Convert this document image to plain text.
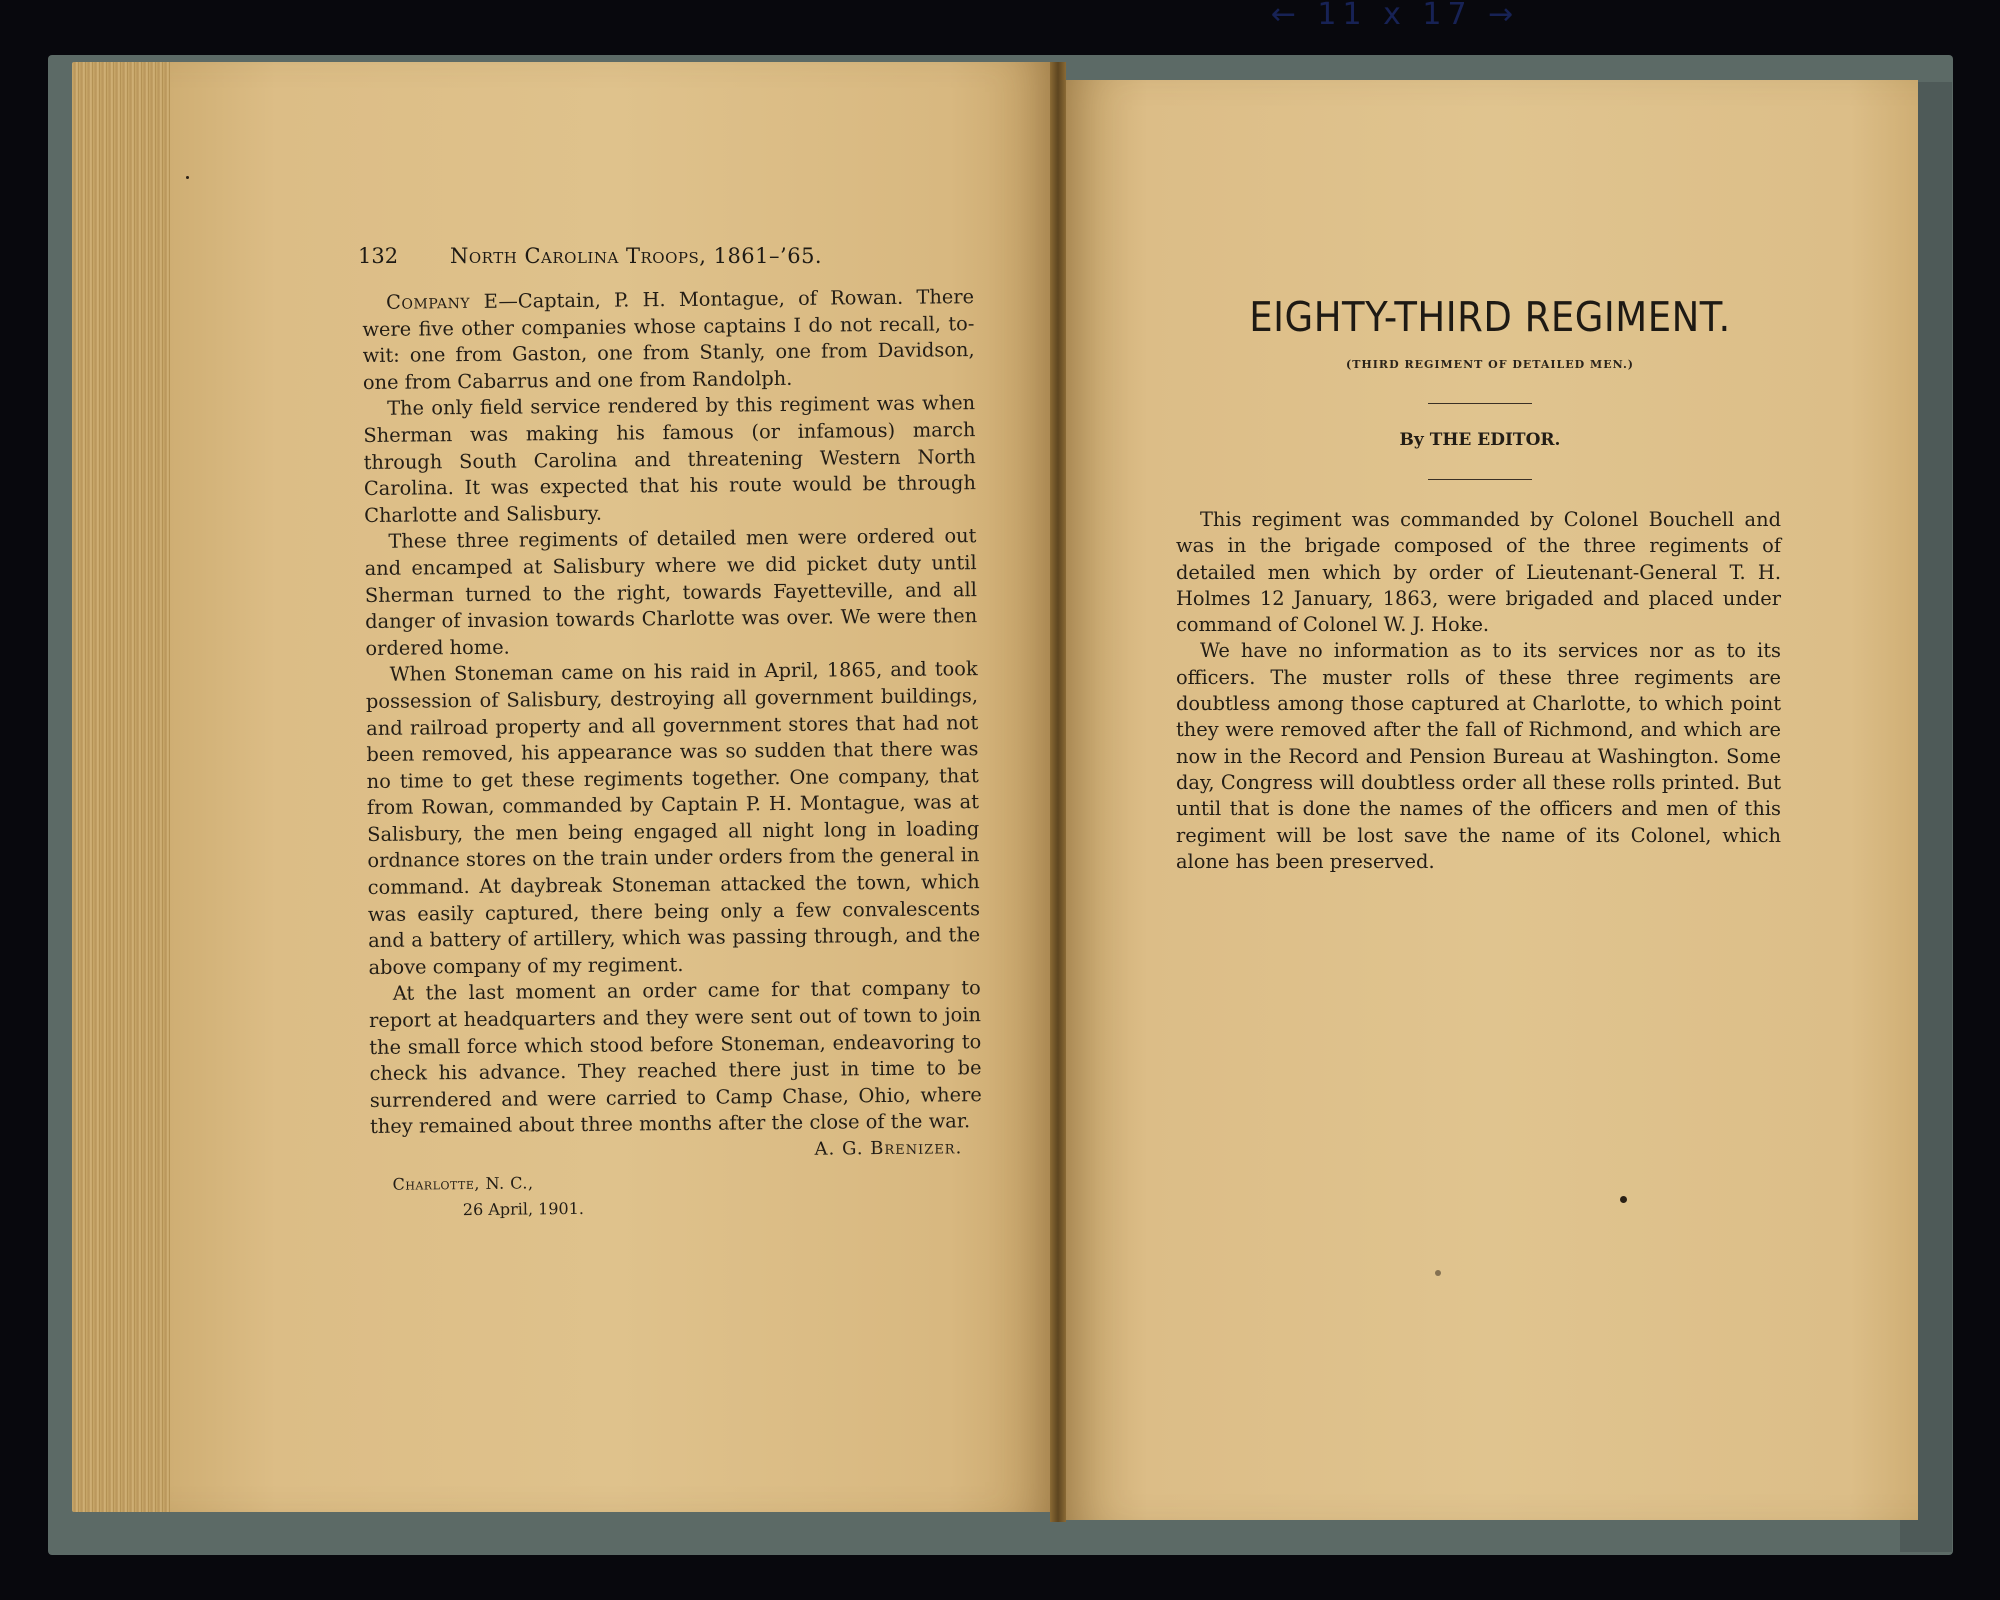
← 11 x 17 →
132 North Carolina Troops, 1861–’65.

Company E—Captain, P. H. Montague, of Rowan. There were five other companies whose captains I do not recall, to-wit: one from Gaston, one from Stanly, one from Davidson, one from Cabarrus and one from Randolph.

The only field service rendered by this regiment was when Sherman was making his famous (or infamous) march through South Carolina and threatening Western North Carolina. It was expected that his route would be through Charlotte and Salisbury.

These three regiments of detailed men were ordered out and encamped at Salisbury where we did picket duty until Sherman turned to the right, towards Fayetteville, and all danger of invasion towards Charlotte was over. We were then ordered home.

When Stoneman came on his raid in April, 1865, and took possession of Salisbury, destroying all government buildings, and railroad property and all government stores that had not been removed, his appearance was so sudden that there was no time to get these regiments together. One company, that from Rowan, commanded by Captain P. H. Montague, was at Salisbury, the men being engaged all night long in loading ordnance stores on the train under orders from the general in command. At daybreak Stoneman attacked the town, which was easily captured, there being only a few convalescents and a battery of artillery, which was passing through, and the above company of my regiment.

At the last moment an order came for that company to report at headquarters and they were sent out of town to join the small force which stood before Stoneman, endeavoring to check his advance. They reached there just in time to be surrendered and were carried to Camp Chase, Ohio, where they remained about three months after the close of the war.

A. G. Brenizer.

Charlotte, N. C.,
26 April, 1901.
EIGHTY-THIRD REGIMENT.
(THIRD REGIMENT OF DETAILED MEN.)
By THE EDITOR.

This regiment was commanded by Colonel Bouchell and was in the brigade composed of the three regiments of detailed men which by order of Lieutenant-General T. H. Holmes 12 January, 1863, were brigaded and placed under command of Colonel W. J. Hoke.

We have no information as to its services nor as to its officers. The muster rolls of these three regiments are doubtless among those captured at Charlotte, to which point they were removed after the fall of Richmond, and which are now in the Record and Pension Bureau at Washington. Some day, Congress will doubtless order all these rolls printed. But until that is done the names of the officers and men of this regiment will be lost save the name of its Colonel, which alone has been preserved.
